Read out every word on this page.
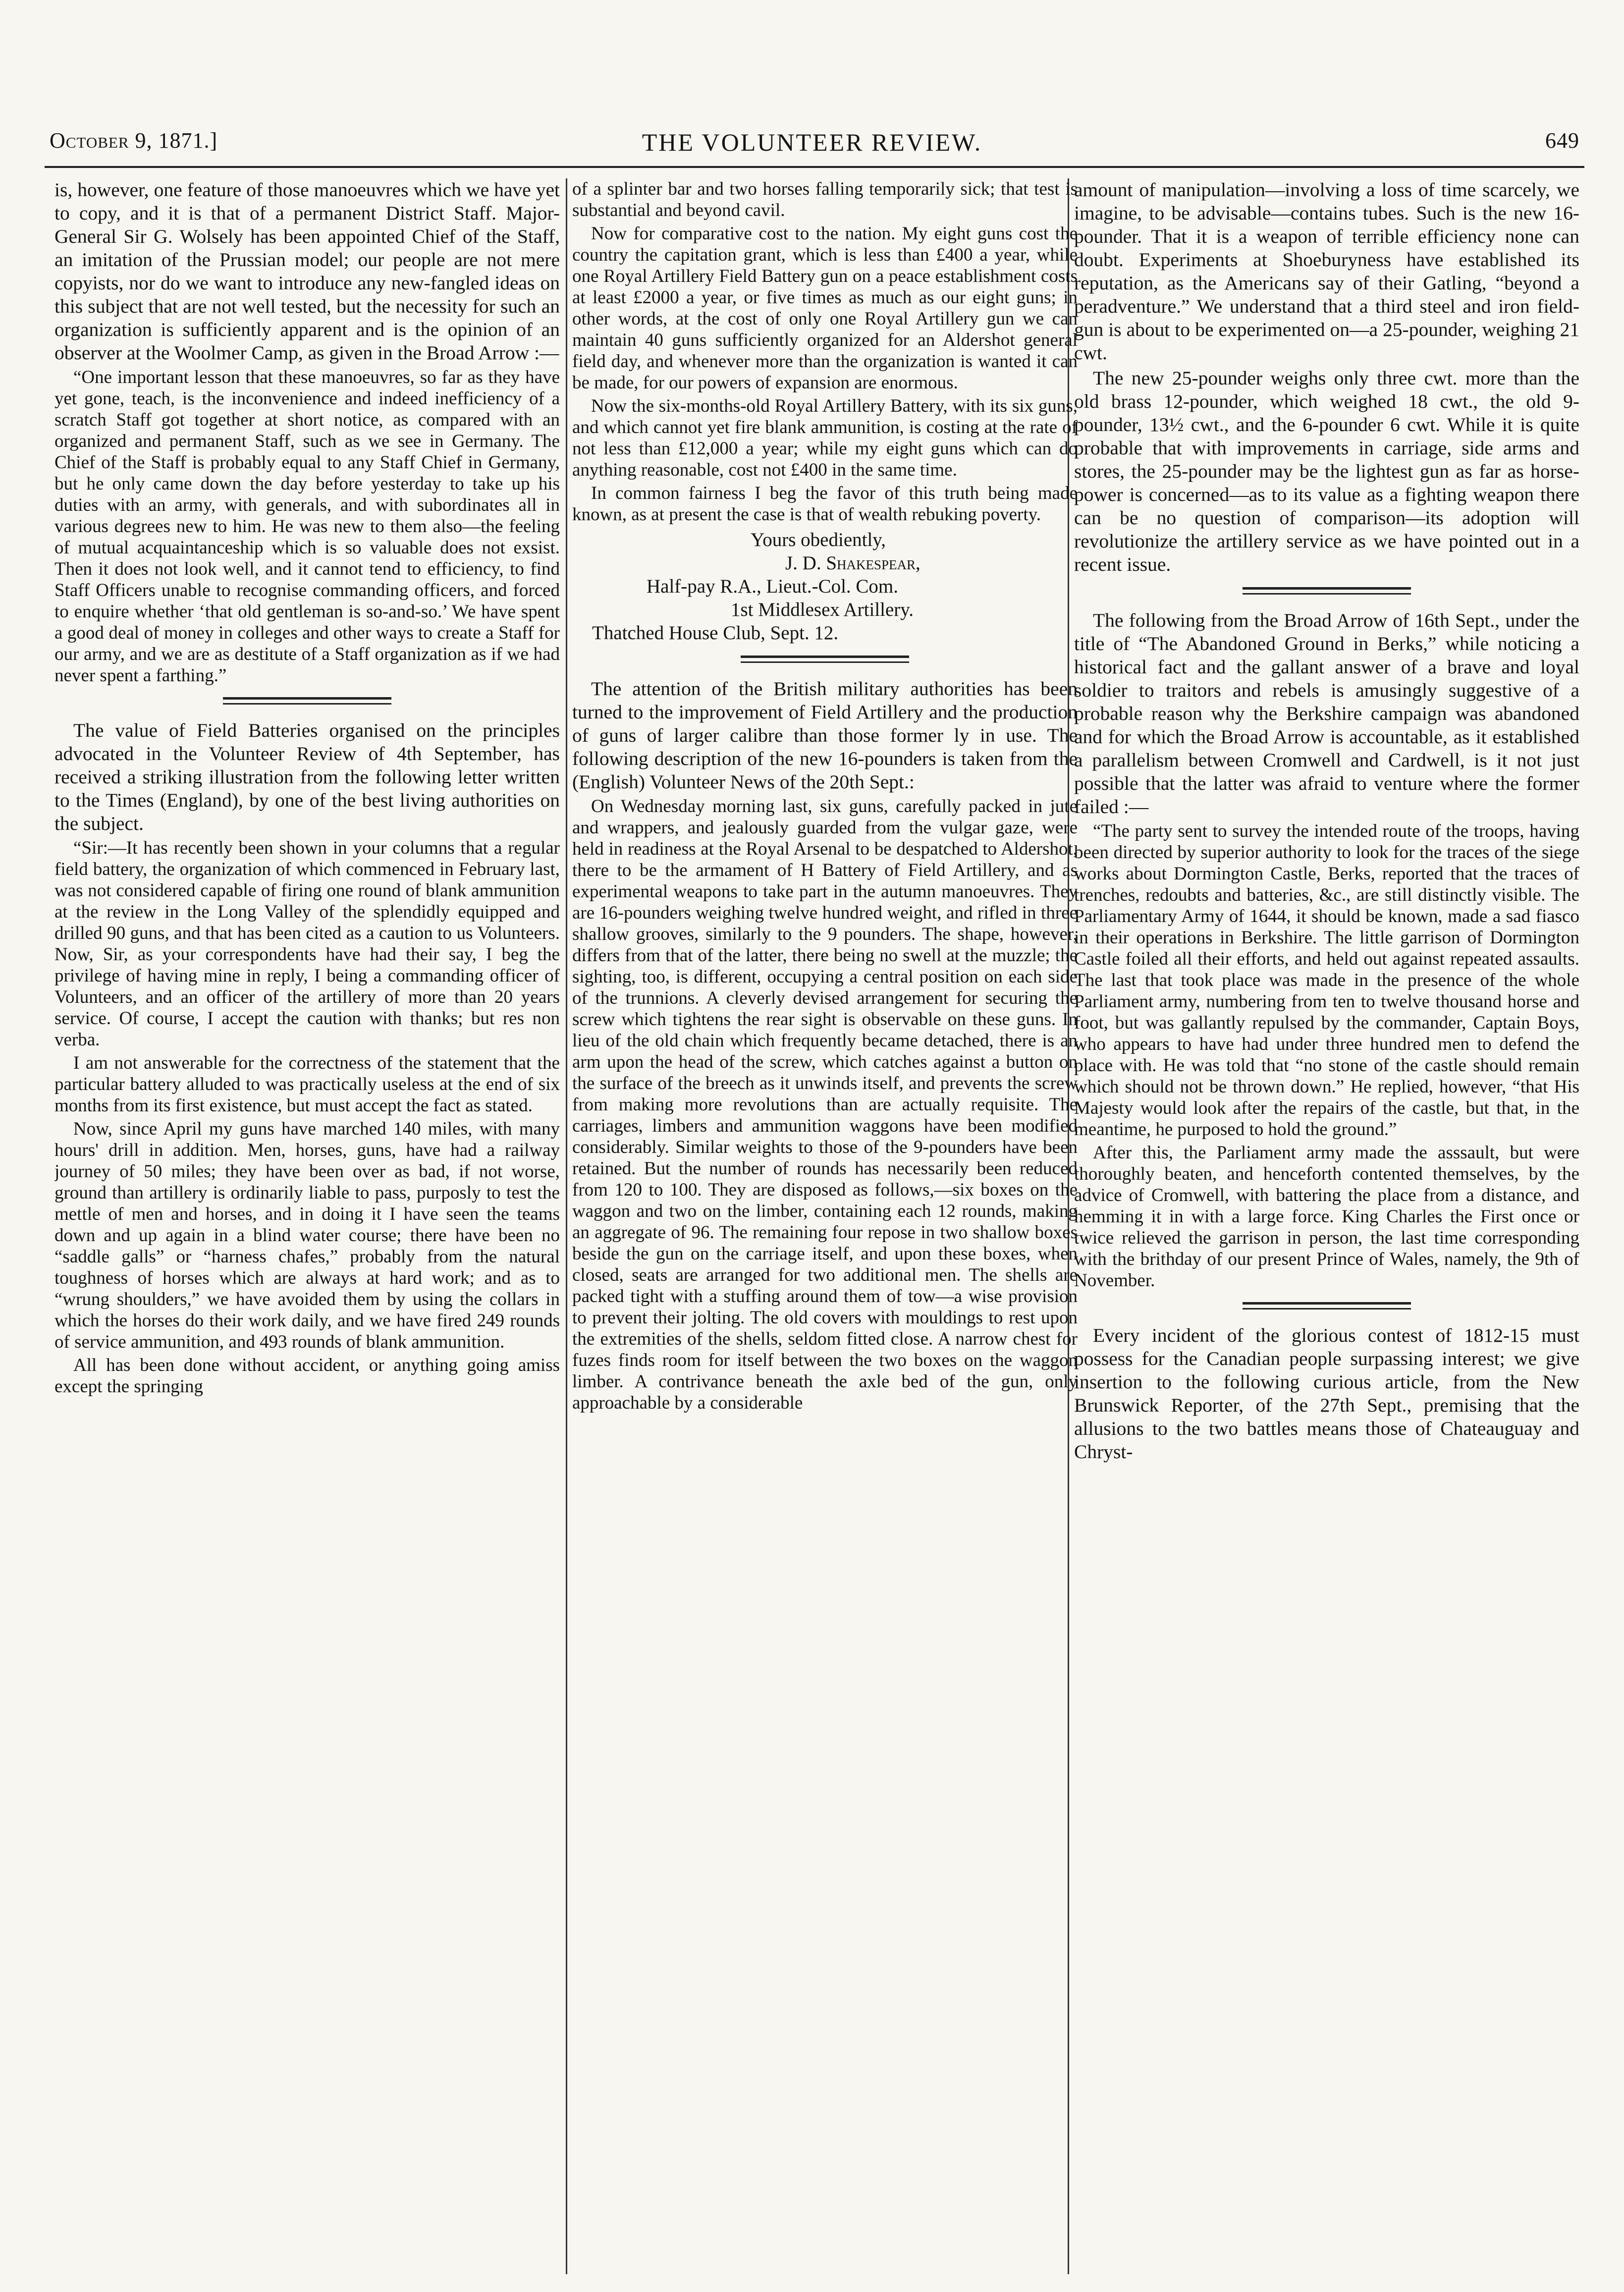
October 9, 1871.]	THE VOLUNTEER REVIEW.	649

is, however, one feature of those manoeuvres which we have yet to copy, and it is that of a permanent District Staff. Major-General Sir G. Wolsely has been appointed Chief of the Staff, an imitation of the Prussian model; our people are not mere copyists, nor do we want to introduce any new-fangled ideas on this subject that are not well tested, but the necessity for such an organization is sufficiently apparent and is the opinion of an observer at the Woolmer Camp, as given in the Broad Arrow :—

“One important lesson that these manoeuvres, so far as they have yet gone, teach, is the inconvenience and indeed inefficiency of a scratch Staff got together at short notice, as compared with an organized and permanent Staff, such as we see in Germany. The Chief of the Staff is probably equal to any Staff Chief in Germany, but he only came down the day before yesterday to take up his duties with an army, with generals, and with subordinates all in various degrees new to him. He was new to them also—the feeling of mutual acquaintanceship which is so valuable does not exsist. Then it does not look well, and it cannot tend to efficiency, to find Staff Officers unable to recognise commanding officers, and forced to enquire whether ‘that old gentleman is so-and-so.’ We have spent a good deal of money in colleges and other ways to create a Staff for our army, and we are as destitute of a Staff organization as if we had never spent a farthing.”

The value of Field Batteries organised on the principles advocated in the Volunteer Review of 4th September, has received a striking illustration from the following letter written to the Times (England), by one of the best living authorities on the subject.

“Sir:—It has recently been shown in your columns that a regular field battery, the organization of which commenced in February last, was not considered capable of firing one round of blank ammunition at the review in the Long Valley of the splendidly equipped and drilled 90 guns, and that has been cited as a caution to us Volunteers. Now, Sir, as your correspondents have had their say, I beg the privilege of having mine in reply, I being a commanding officer of Volunteers, and an officer of the artillery of more than 20 years service. Of course, I accept the caution with thanks; but res non verba.

I am not answerable for the correctness of the statement that the particular battery alluded to was practically useless at the end of six months from its first existence, but must accept the fact as stated.

Now, since April my guns have marched 140 miles, with many hours' drill in addition. Men, horses, guns, have had a railway journey of 50 miles; they have been over as bad, if not worse, ground than artillery is ordinarily liable to pass, purposly to test the mettle of men and horses, and in doing it I have seen the teams down and up again in a blind water course; there have been no “saddle galls” or “harness chafes,” probably from the natural toughness of horses which are always at hard work; and as to “wrung shoulders,” we have avoided them by using the collars in which the horses do their work daily, and we have fired 249 rounds of service ammunition, and 493 rounds of blank ammunition.

All has been done without accident, or anything going amiss except the springing

of a splinter bar and two horses falling temporarily sick; that test is substantial and beyond cavil.

Now for comparative cost to the nation. My eight guns cost the country the capitation grant, which is less than £400 a year, while one Royal Artillery Field Battery gun on a peace establishment costs at least £2000 a year, or five times as much as our eight guns; in other words, at the cost of only one Royal Artillery gun we can maintain 40 guns sufficiently organized for an Aldershot general field day, and whenever more than the organization is wanted it can be made, for our powers of expansion are enormous.

Now the six-months-old Royal Artillery Battery, with its six guns, and which cannot yet fire blank ammunition, is costing at the rate of not less than £12,000 a year; while my eight guns which can do anything reasonable, cost not £400 in the same time.

In common fairness I beg the favor of this truth being made known, as at present the case is that of wealth rebuking poverty.

Yours obediently,
J. D. Shakespear,
Half-pay R.A., Lieut.-Col. Com.
1st Middlesex Artillery.
Thatched House Club, Sept. 12.

The attention of the British military authorities has been turned to the improvement of Field Artillery and the production of guns of larger calibre than those former ly in use. The following description of the new 16-pounders is taken from the (English) Volunteer News of the 20th Sept.:

On Wednesday morning last, six guns, carefully packed in jute and wrappers, and jealously guarded from the vulgar gaze, were held in readiness at the Royal Arsenal to be despatched to Aldershot, there to be the armament of H Battery of Field Artillery, and as experimental weapons to take part in the autumn manoeuvres. They are 16-pounders weighing twelve hundred weight, and rifled in three shallow grooves, similarly to the 9 pounders. The shape, however, differs from that of the latter, there being no swell at the muzzle; the sighting, too, is different, occupying a central position on each side of the trunnions. A cleverly devised arrangement for securing the screw which tightens the rear sight is observable on these guns. In lieu of the old chain which frequently became detached, there is an arm upon the head of the screw, which catches against a button on the surface of the breech as it unwinds itself, and prevents the screw from making more revolutions than are actually requisite. The carriages, limbers and ammunition waggons have been modified considerably. Similar weights to those of the 9-pounders have been retained. But the number of rounds has necessarily been reduced from 120 to 100. They are disposed as follows,—six boxes on the waggon and two on the limber, containing each 12 rounds, making an aggregate of 96. The remaining four repose in two shallow boxes beside the gun on the carriage itself, and upon these boxes, when closed, seats are arranged for two additional men. The shells are packed tight with a stuffing around them of tow—a wise provision to prevent their jolting. The old covers with mouldings to rest upon the extremities of the shells, seldom fitted close. A narrow chest for fuzes finds room for itself between the two boxes on the waggon limber. A contrivance beneath the axle bed of the gun, only approachable by a considerable

amount of manipulation—involving a loss of time scarcely, we imagine, to be advisable—contains tubes. Such is the new 16-pounder. That it is a weapon of terrible efficiency none can doubt. Experiments at Shoeburyness have established its reputation, as the Americans say of their Gatling, “beyond a peradventure.” We understand that a third steel and iron field-gun is about to be experimented on—a 25-pounder, weighing 21 cwt.

The new 25-pounder weighs only three cwt. more than the old brass 12-pounder, which weighed 18 cwt., the old 9-pounder, 13½ cwt., and the 6-pounder 6 cwt. While it is quite probable that with improvements in carriage, side arms and stores, the 25-pounder may be the lightest gun as far as horse-power is concerned—as to its value as a fighting weapon there can be no question of comparison—its adoption will revolutionize the artillery service as we have pointed out in a recent issue.

The following from the Broad Arrow of 16th Sept., under the title of “The Abandoned Ground in Berks,” while noticing a historical fact and the gallant answer of a brave and loyal soldier to traitors and rebels is amusingly suggestive of a probable reason why the Berkshire campaign was abandoned and for which the Broad Arrow is accountable, as it established a parallelism between Cromwell and Cardwell, is it not just possible that the latter was afraid to venture where the former failed :—

“The party sent to survey the intended route of the troops, having been directed by superior authority to look for the traces of the siege works about Dormington Castle, Berks, reported that the traces of trenches, redoubts and batteries, &c., are still distinctly visible. The Parliamentary Army of 1644, it should be known, made a sad fiasco in their operations in Berkshire. The little garrison of Dormington Castle foiled all their efforts, and held out against repeated assaults. The last that took place was made in the presence of the whole Parliament army, numbering from ten to twelve thousand horse and foot, but was gallantly repulsed by the commander, Captain Boys, who appears to have had under three hundred men to defend the place with. He was told that “no stone of the castle should remain which should not be thrown down.” He replied, however, “that His Majesty would look after the repairs of the castle, but that, in the meantime, he purposed to hold the ground.”

After this, the Parliament army made the asssault, but were thoroughly beaten, and henceforth contented themselves, by the advice of Cromwell, with battering the place from a distance, and hemming it in with a large force. King Charles the First once or twice relieved the garrison in person, the last time corresponding with the brithday of our present Prince of Wales, namely, the 9th of November.

Every incident of the glorious contest of 1812-15 must possess for the Canadian people surpassing interest; we give insertion to the following curious article, from the New Brunswick Reporter, of the 27th Sept., premising that the allusions to the two battles means those of Chateauguay and Chryst-
